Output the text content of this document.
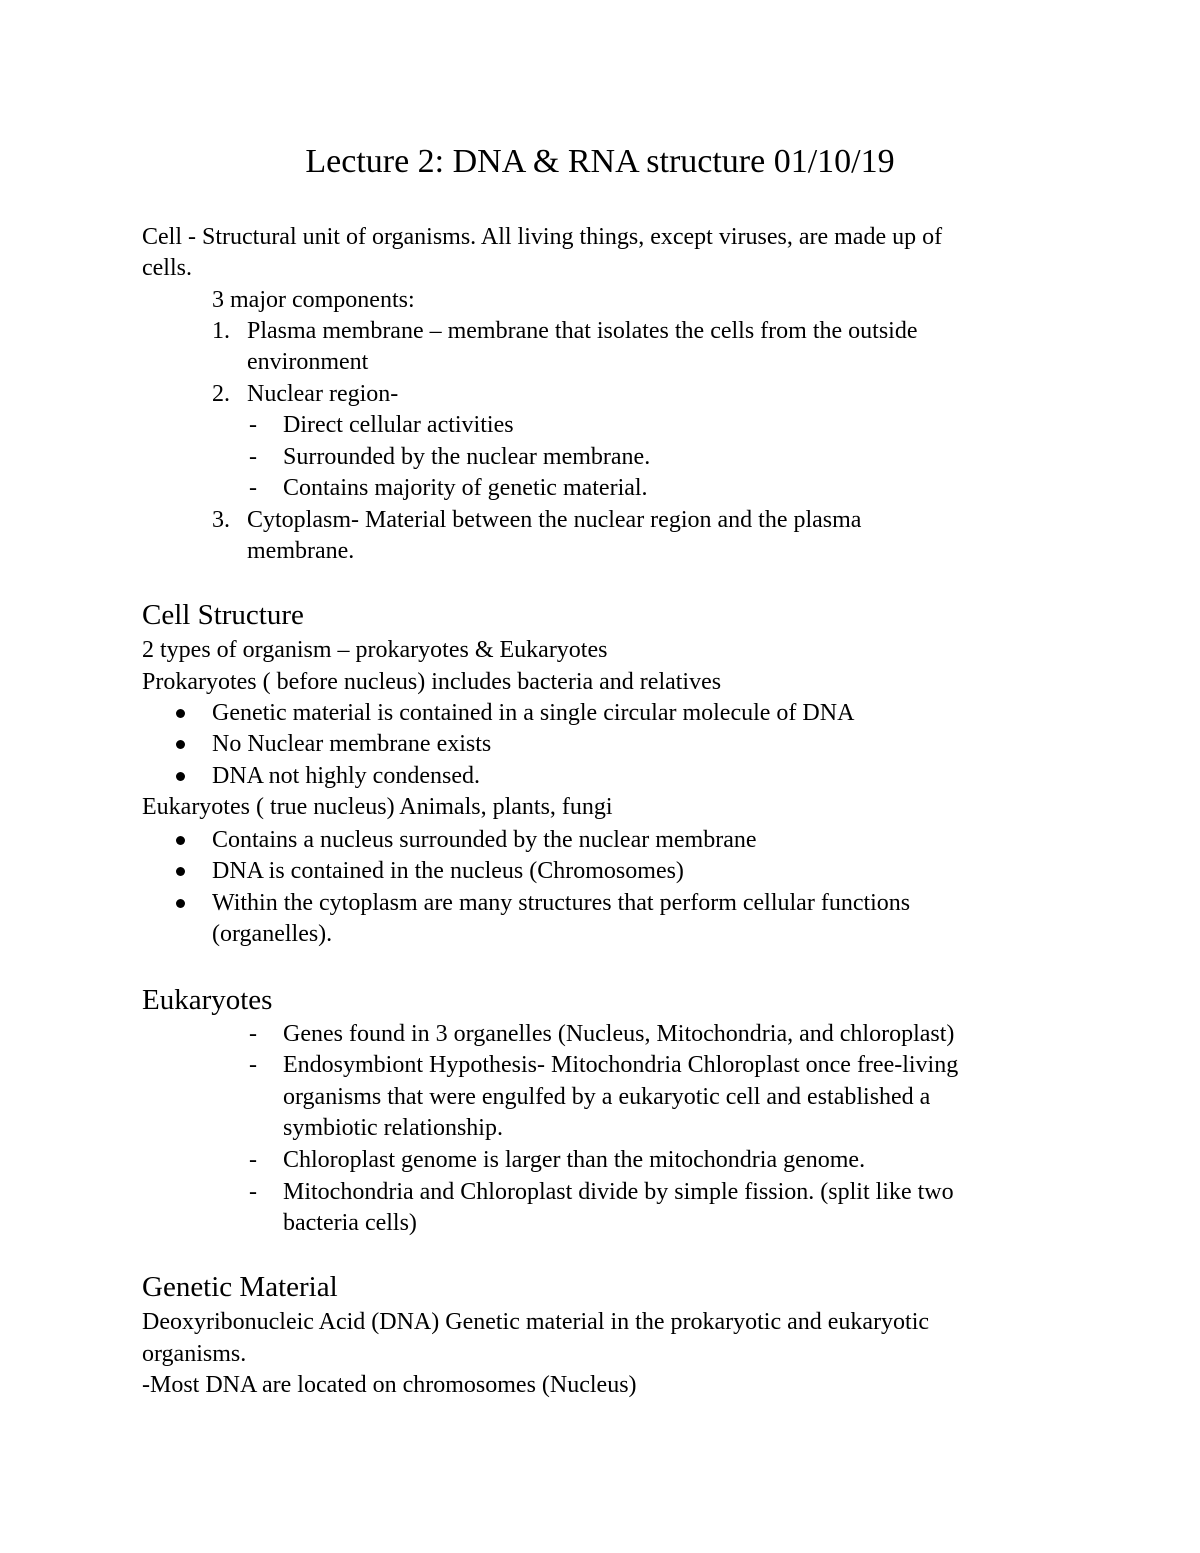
Lecture 2: DNA & RNA structure 01/10/19
Cell - Structural unit of organisms. All living things, except viruses, are made up of
cells.
3 major components:
1. Plasma membrane – membrane that isolates the cells from the outside
environment
2. Nuclear region-
- Direct cellular activities
- Surrounded by the nuclear membrane.
- Contains majority of genetic material.
3. Cytoplasm- Material between the nuclear region and the plasma
membrane.
Cell Structure
2 types of organism – prokaryotes & Eukaryotes
Prokaryotes ( before nucleus) includes bacteria and relatives
Genetic material is contained in a single circular molecule of DNA
No Nuclear membrane exists
DNA not highly condensed.
Eukaryotes ( true nucleus) Animals, plants, fungi
Contains a nucleus surrounded by the nuclear membrane
DNA is contained in the nucleus (Chromosomes)
Within the cytoplasm are many structures that perform cellular functions
(organelles).
Eukaryotes
- Genes found in 3 organelles (Nucleus, Mitochondria, and chloroplast)
- Endosymbiont Hypothesis- Mitochondria Chloroplast once free-living
organisms that were engulfed by a eukaryotic cell and established a
symbiotic relationship.
- Chloroplast genome is larger than the mitochondria genome.
- Mitochondria and Chloroplast divide by simple fission. (split like two
bacteria cells)
Genetic Material
Deoxyribonucleic Acid (DNA) Genetic material in the prokaryotic and eukaryotic
organisms.
-Most DNA are located on chromosomes (Nucleus)
